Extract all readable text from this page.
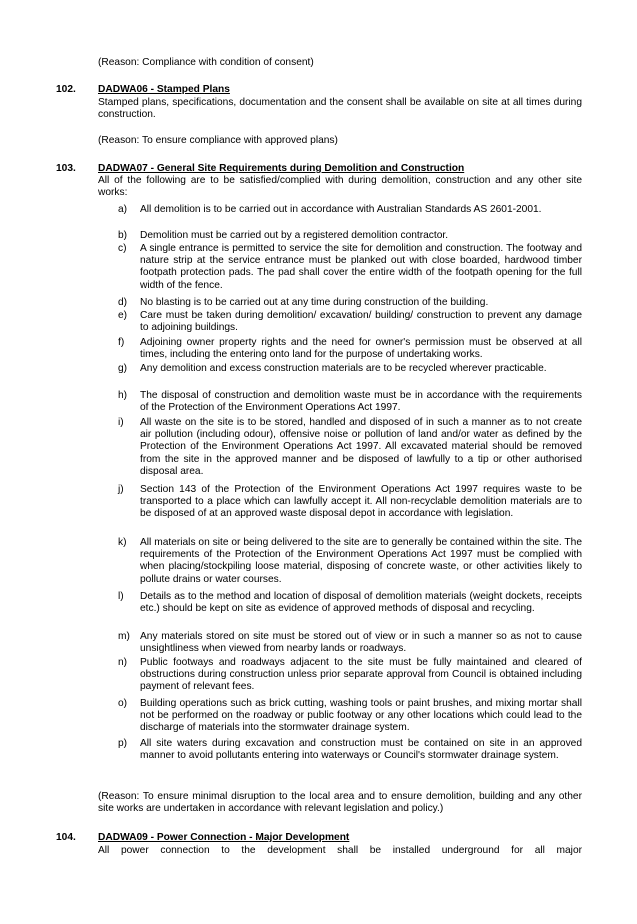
(Reason: Compliance with condition of consent)
102. DADWA06 - Stamped Plans
Stamped plans, specifications, documentation and the consent shall be available on site at all times during construction.
(Reason: To ensure compliance with approved plans)
103. DADWA07 - General Site Requirements during Demolition and Construction
All of the following are to be satisfied/complied with during demolition, construction and any other site works:
a) All demolition is to be carried out in accordance with Australian Standards AS 2601-2001.
b) Demolition must be carried out by a registered demolition contractor.
c) A single entrance is permitted to service the site for demolition and construction. The footway and nature strip at the service entrance must be planked out with close boarded, hardwood timber footpath protection pads. The pad shall cover the entire width of the footpath opening for the full width of the fence.
d) No blasting is to be carried out at any time during construction of the building.
e) Care must be taken during demolition/ excavation/ building/ construction to prevent any damage to adjoining buildings.
f) Adjoining owner property rights and the need for owner's permission must be observed at all times, including the entering onto land for the purpose of undertaking works.
g) Any demolition and excess construction materials are to be recycled wherever practicable.
h) The disposal of construction and demolition waste must be in accordance with the requirements of the Protection of the Environment Operations Act 1997.
i) All waste on the site is to be stored, handled and disposed of in such a manner as to not create air pollution (including odour), offensive noise or pollution of land and/or water as defined by the Protection of the Environment Operations Act 1997. All excavated material should be removed from the site in the approved manner and be disposed of lawfully to a tip or other authorised disposal area.
j) Section 143 of the Protection of the Environment Operations Act 1997 requires waste to be transported to a place which can lawfully accept it. All non-recyclable demolition materials are to be disposed of at an approved waste disposal depot in accordance with legislation.
k) All materials on site or being delivered to the site are to generally be contained within the site. The requirements of the Protection of the Environment Operations Act 1997 must be complied with when placing/stockpiling loose material, disposing of concrete waste, or other activities likely to pollute drains or water courses.
l) Details as to the method and location of disposal of demolition materials (weight dockets, receipts etc.) should be kept on site as evidence of approved methods of disposal and recycling.
m) Any materials stored on site must be stored out of view or in such a manner so as not to cause unsightliness when viewed from nearby lands or roadways.
n) Public footways and roadways adjacent to the site must be fully maintained and cleared of obstructions during construction unless prior separate approval from Council is obtained including payment of relevant fees.
o) Building operations such as brick cutting, washing tools or paint brushes, and mixing mortar shall not be performed on the roadway or public footway or any other locations which could lead to the discharge of materials into the stormwater drainage system.
p) All site waters during excavation and construction must be contained on site in an approved manner to avoid pollutants entering into waterways or Council's stormwater drainage system.
(Reason: To ensure minimal disruption to the local area and to ensure demolition, building and any other site works are undertaken in accordance with relevant legislation and policy.)
104. DADWA09 - Power Connection - Major Development
All power connection to the development shall be installed underground for all major
